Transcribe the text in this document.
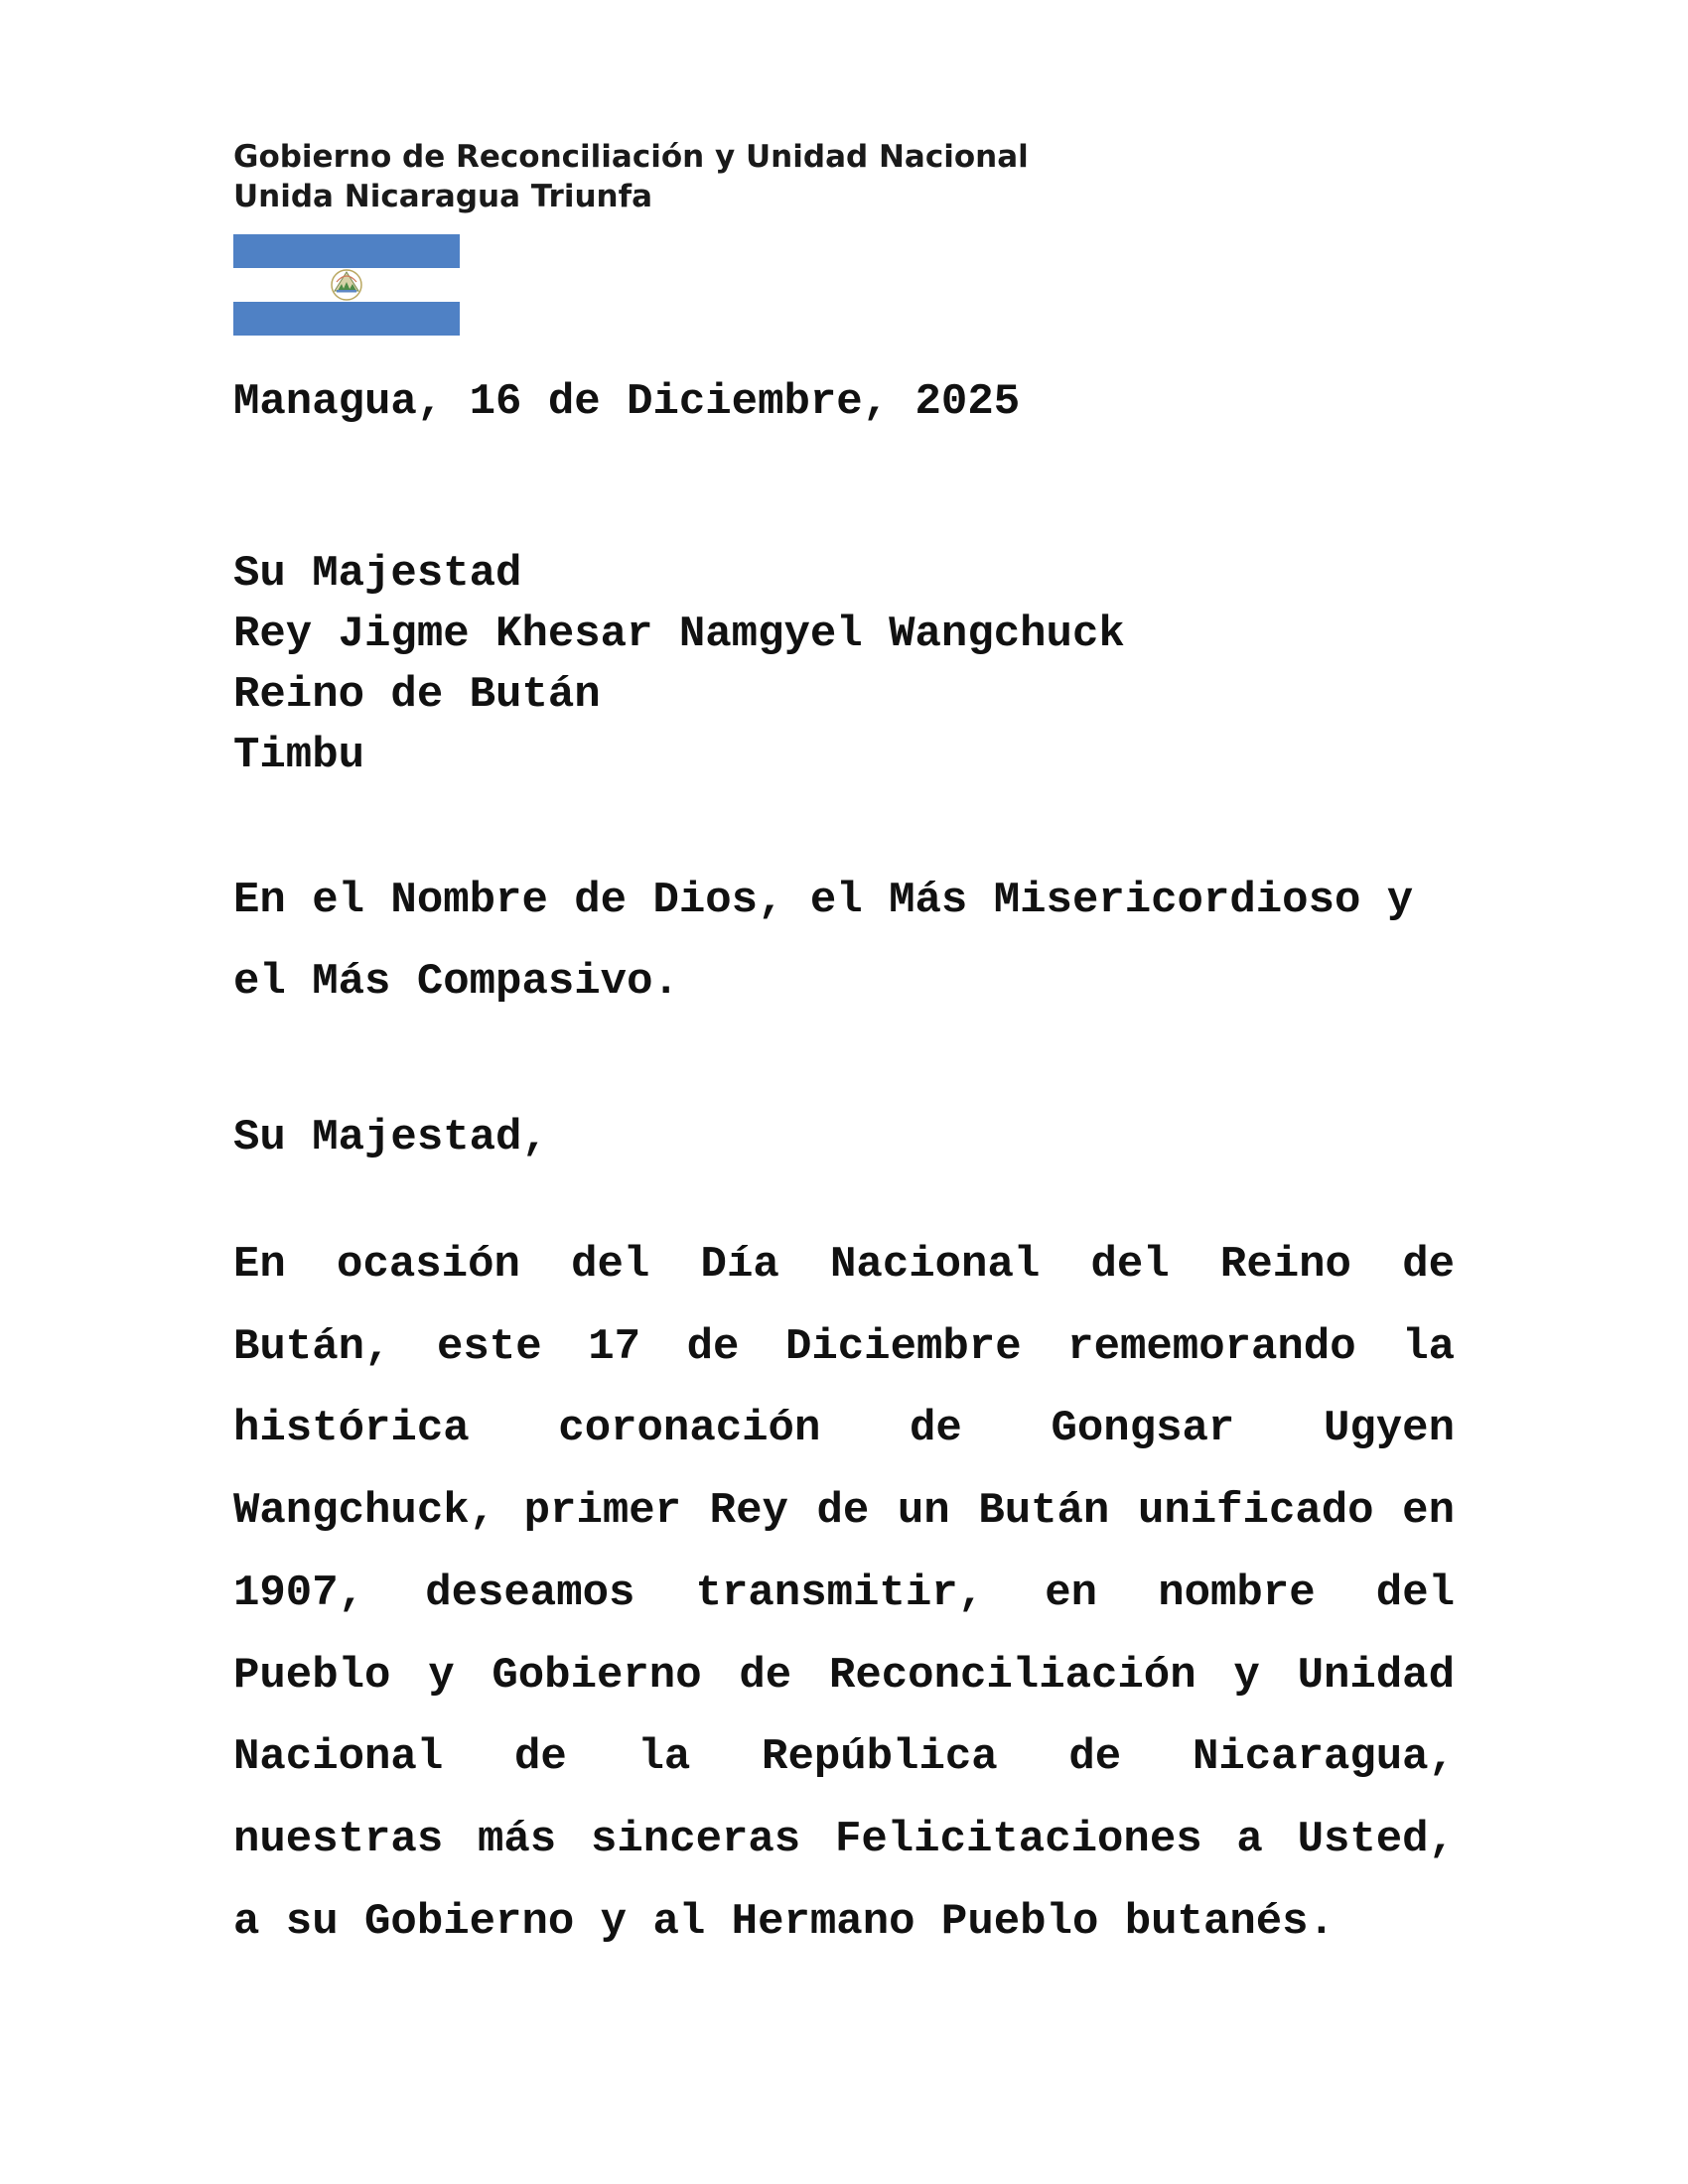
Gobierno de Reconciliación y Unidad Nacional
Unida Nicaragua Triunfa
Managua, 16 de Diciembre, 2025
Su Majestad
Rey Jigme Khesar Namgyel Wangchuck
Reino de Bután
Timbu
En el Nombre de Dios, el Más Misericordioso y el Más Compasivo.
Su Majestad,
En ocasión del Día Nacional del Reino de Bután, este 17 de Diciembre rememorando la histórica coronación de Gongsar Ugyen Wangchuck, primer Rey de un Bután unificado en 1907, deseamos transmitir, en nombre del Pueblo y Gobierno de Reconciliación y Unidad Nacional de la República de Nicaragua, nuestras más sinceras Felicitaciones a Usted, a su Gobierno y al Hermano Pueblo butanés.
